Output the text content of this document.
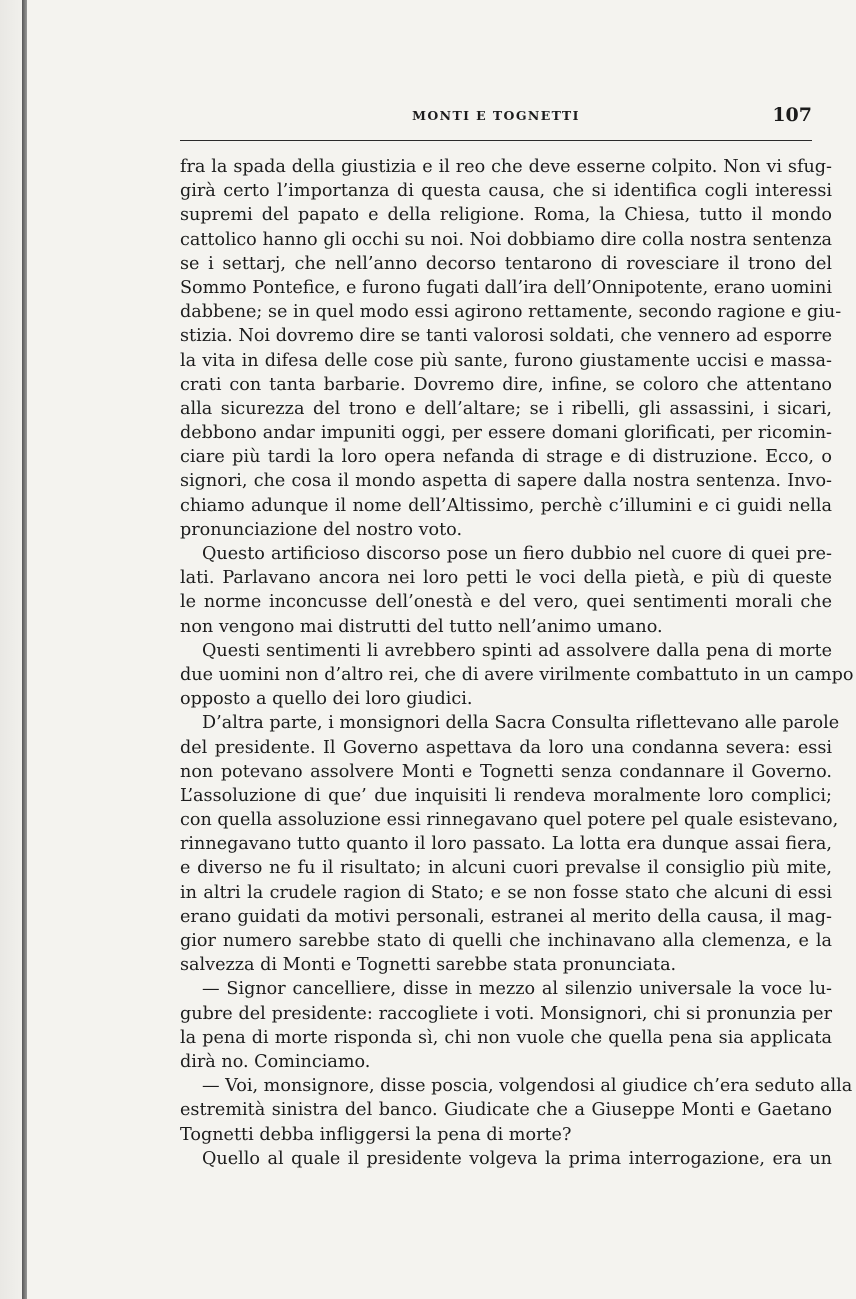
MONTI E TOGNETTI	107
fra la spada della giustizia e il reo che deve esserne colpito. Non vi sfug-
girà certo l’importanza di questa causa, che si identifica cogli interessi
supremi del papato e della religione. Roma, la Chiesa, tutto il mondo
cattolico hanno gli occhi su noi. Noi dobbiamo dire colla nostra sentenza
se i settarj, che nell’anno decorso tentarono di rovesciare il trono del
Sommo Pontefice, e furono fugati dall’ira dell’Onnipotente, erano uomini
dabbene; se in quel modo essi agirono rettamente, secondo ragione e giu-
stizia. Noi dovremo dire se tanti valorosi soldati, che vennero ad esporre
la vita in difesa delle cose più sante, furono giustamente uccisi e massa-
crati con tanta barbarie. Dovremo dire, infine, se coloro che attentano
alla sicurezza del trono e dell’altare; se i ribelli, gli assassini, i sicari,
debbono andar impuniti oggi, per essere domani glorificati, per ricomin-
ciare più tardi la loro opera nefanda di strage e di distruzione. Ecco, o
signori, che cosa il mondo aspetta di sapere dalla nostra sentenza. Invo-
chiamo adunque il nome dell’Altissimo, perchè c’illumini e ci guidi nella
pronunciazione del nostro voto.
Questo artificioso discorso pose un fiero dubbio nel cuore di quei pre-
lati. Parlavano ancora nei loro petti le voci della pietà, e più di queste
le norme inconcusse dell’onestà e del vero, quei sentimenti morali che
non vengono mai distrutti del tutto nell’animo umano.
Questi sentimenti li avrebbero spinti ad assolvere dalla pena di morte
due uomini non d’altro rei, che di avere virilmente combattuto in un campo
opposto a quello dei loro giudici.
D’altra parte, i monsignori della Sacra Consulta riflettevano alle parole
del presidente. Il Governo aspettava da loro una condanna severa: essi
non potevano assolvere Monti e Tognetti senza condannare il Governo.
L’assoluzione di que’ due inquisiti li rendeva moralmente loro complici;
con quella assoluzione essi rinnegavano quel potere pel quale esistevano,
rinnegavano tutto quanto il loro passato. La lotta era dunque assai fiera,
e diverso ne fu il risultato; in alcuni cuori prevalse il consiglio più mite,
in altri la crudele ragion di Stato; e se non fosse stato che alcuni di essi
erano guidati da motivi personali, estranei al merito della causa, il mag-
gior numero sarebbe stato di quelli che inchinavano alla clemenza, e la
salvezza di Monti e Tognetti sarebbe stata pronunciata.
— Signor cancelliere, disse in mezzo al silenzio universale la voce lu-
gubre del presidente: raccogliete i voti. Monsignori, chi si pronunzia per
la pena di morte risponda sì, chi non vuole che quella pena sia applicata
dirà no. Cominciamo.
— Voi, monsignore, disse poscia, volgendosi al giudice ch’era seduto alla
estremità sinistra del banco. Giudicate che a Giuseppe Monti e Gaetano
Tognetti debba infliggersi la pena di morte?
Quello al quale il presidente volgeva la prima interrogazione, era un
